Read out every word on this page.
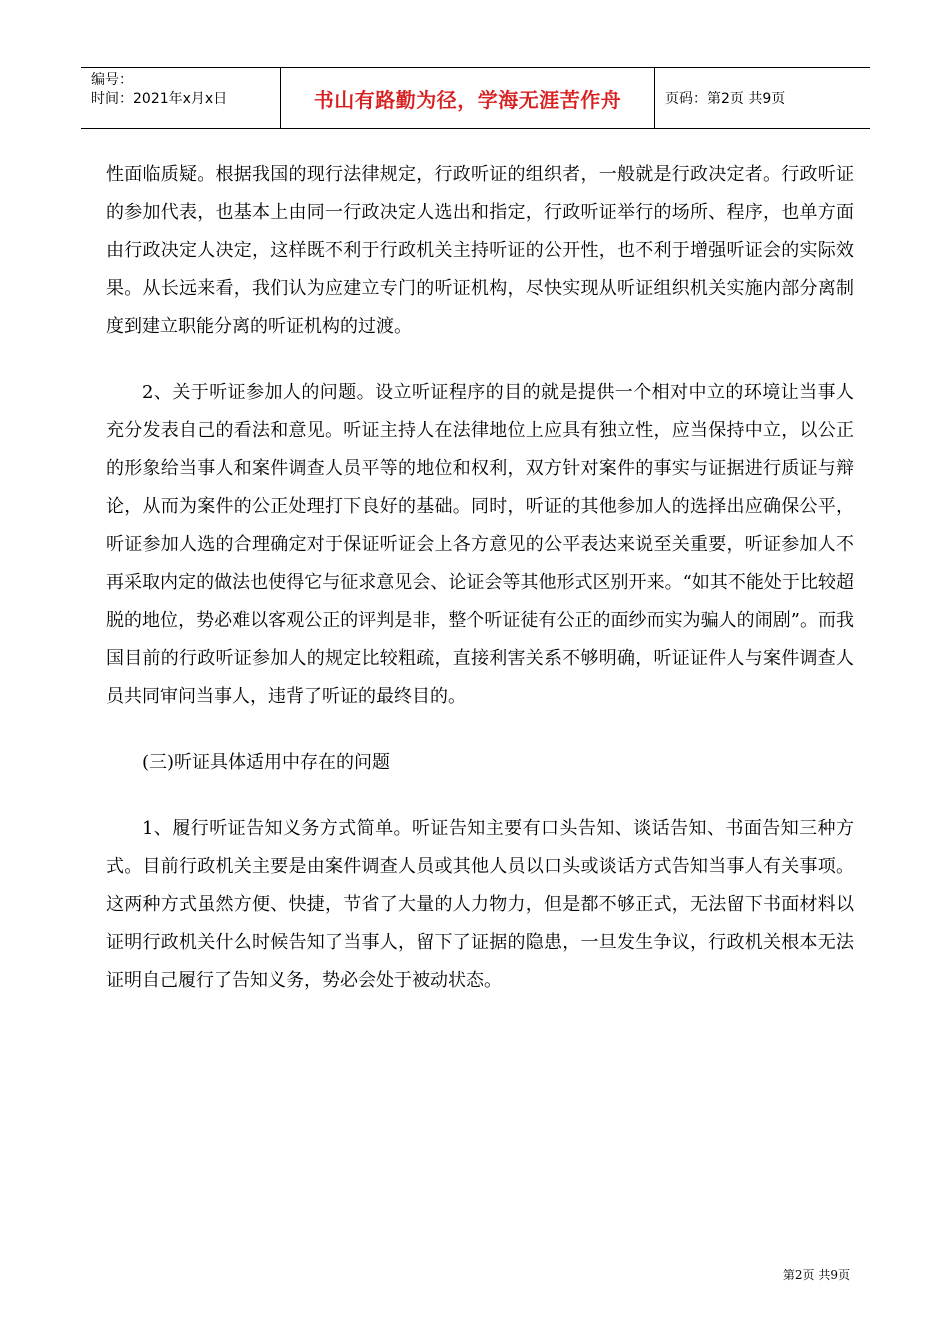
编号：
时间：2021年x月x日	书山有路勤为径，学海无涯苦作舟	页码：第2页 共9页

性面临质疑。根据我国的现行法律规定，行政听证的组织者，一般就是行政决定者。行政听证的参加代表，也基本上由同一行政决定人选出和指定，行政听证举行的场所、程序，也单方面由行政决定人决定，这样既不利于行政机关主持听证的公开性，也不利于增强听证会的实际效果。从长远来看，我们认为应建立专门的听证机构，尽快实现从听证组织机关实施内部分离制度到建立职能分离的听证机构的过渡。

2、关于听证参加人的问题。设立听证程序的目的就是提供一个相对中立的环境让当事人充分发表自己的看法和意见。听证主持人在法律地位上应具有独立性，应当保持中立，以公正的形象给当事人和案件调查人员平等的地位和权利，双方针对案件的事实与证据进行质证与辩论，从而为案件的公正处理打下良好的基础。同时，听证的其他参加人的选择出应确保公平，听证参加人选的合理确定对于保证听证会上各方意见的公平表达来说至关重要，听证参加人不再采取内定的做法也使得它与征求意见会、论证会等其他形式区别开来。“如其不能处于比较超脱的地位，势必难以客观公正的评判是非，整个听证徒有公正的面纱而实为骗人的闹剧”。而我国目前的行政听证参加人的规定比较粗疏，直接利害关系不够明确，听证证件人与案件调查人员共同审问当事人，违背了听证的最终目的。

(三)听证具体适用中存在的问题

1、履行听证告知义务方式简单。听证告知主要有口头告知、谈话告知、书面告知三种方式。目前行政机关主要是由案件调查人员或其他人员以口头或谈话方式告知当事人有关事项。这两种方式虽然方便、快捷，节省了大量的人力物力，但是都不够正式，无法留下书面材料以证明行政机关什么时候告知了当事人，留下了证据的隐患，一旦发生争议，行政机关根本无法证明自己履行了告知义务，势必会处于被动状态。

第2页 共9页
